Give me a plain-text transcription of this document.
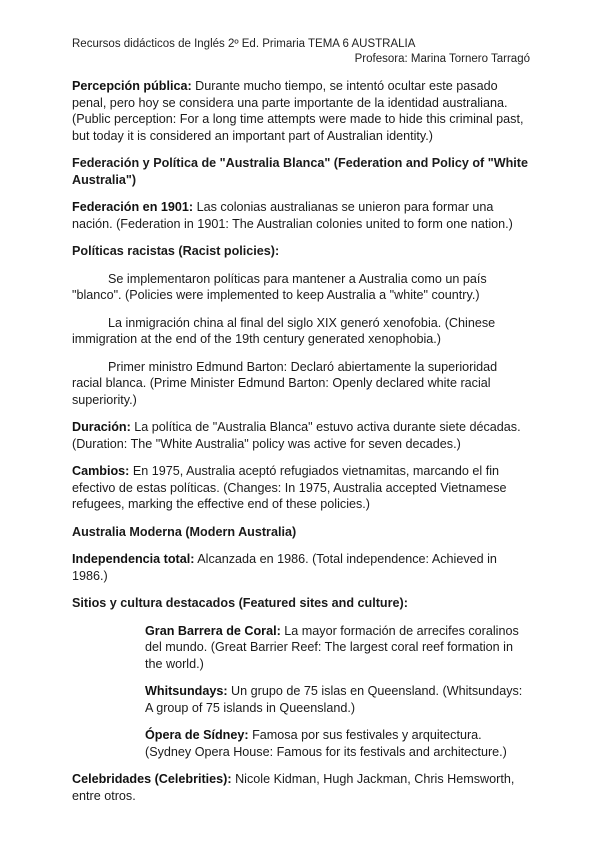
Recursos didácticos de Inglés 2º Ed. Primaria TEMA 6 AUSTRALIA
Profesora: Marina Tornero Tarragó

Percepción pública: Durante mucho tiempo, se intentó ocultar este pasado penal, pero hoy se considera una parte importante de la identidad australiana. (Public perception: For a long time attempts were made to hide this criminal past, but today it is considered an important part of Australian identity.)

Federación y Política de "Australia Blanca" (Federation and Policy of "White Australia")

Federación en 1901: Las colonias australianas se unieron para formar una nación. (Federation in 1901: The Australian colonies united to form one nation.)

Políticas racistas (Racist policies):

Se implementaron políticas para mantener a Australia como un país "blanco". (Policies were implemented to keep Australia a "white" country.)

La inmigración china al final del siglo XIX generó xenofobia. (Chinese immigration at the end of the 19th century generated xenophobia.)

Primer ministro Edmund Barton: Declaró abiertamente la superioridad racial blanca. (Prime Minister Edmund Barton: Openly declared white racial superiority.)

Duración: La política de "Australia Blanca" estuvo activa durante siete décadas. (Duration: The "White Australia" policy was active for seven decades.)

Cambios: En 1975, Australia aceptó refugiados vietnamitas, marcando el fin efectivo de estas políticas. (Changes: In 1975, Australia accepted Vietnamese refugees, marking the effective end of these policies.)

Australia Moderna (Modern Australia)

Independencia total: Alcanzada en 1986. (Total independence: Achieved in 1986.)

Sitios y cultura destacados (Featured sites and culture):

Gran Barrera de Coral: La mayor formación de arrecifes coralinos del mundo. (Great Barrier Reef: The largest coral reef formation in the world.)

Whitsundays: Un grupo de 75 islas en Queensland. (Whitsundays: A group of 75 islands in Queensland.)

Ópera de Sídney: Famosa por sus festivales y arquitectura. (Sydney Opera House: Famous for its festivals and architecture.)

Celebridades (Celebrities): Nicole Kidman, Hugh Jackman, Chris Hemsworth, entre otros.
